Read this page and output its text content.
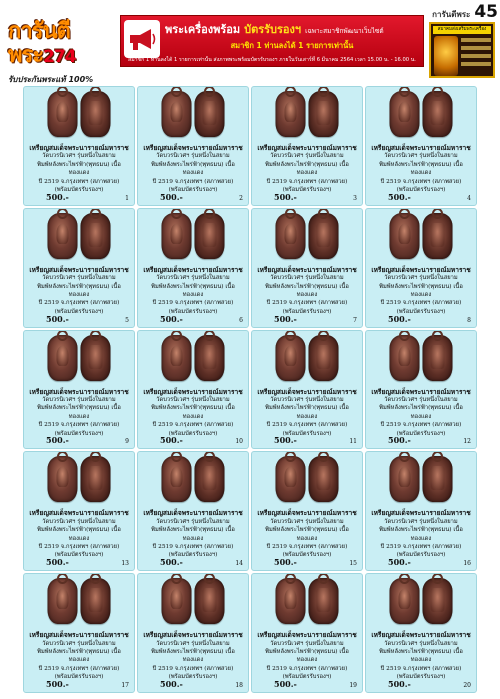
การันตีพระ274
รับประกันพระแท้ 100%
พระเครื่องพร้อม บัตรรับรองฯ เฉพาะสมาชิกพัฒนาเว็บไซต์
สมาชิก 1 ท่านลงได้ 1 รายการเท่านั้น
สมาชิก 1 ท่านลงได้ 1 รายการเท่านั้น ส่งภาพพระพร้อมบัตรรับรองฯ ภายในวันเสาร์ที่ 6 มีนาคม 2564 เวลา 15.00 น. - 16.00 น.
การันตีพระ 45
สมาคมส่งเสริมพระเครื่อง
เหรียญสมเด็จพระนารายณ์มหาราช
วัดบวรนิเวศฯ รุ่นหนึ่งในสยาม
พิมพ์หลังพระไพร่ฟ้า(พุทธมน) เนื้อทองแดง
ปี 2519 จ.กรุงเทพฯ (สภาพสวย)
(พร้อมบัตรรับรองฯ)
500.-	1
เหรียญสมเด็จพระนารายณ์มหาราช
วัดบวรนิเวศฯ รุ่นหนึ่งในสยาม
พิมพ์หลังพระไพร่ฟ้า(พุทธมน) เนื้อทองแดง
ปี 2519 จ.กรุงเทพฯ (สภาพสวย)
(พร้อมบัตรรับรองฯ)
500.-	2
เหรียญสมเด็จพระนารายณ์มหาราช
วัดบวรนิเวศฯ รุ่นหนึ่งในสยาม
พิมพ์หลังพระไพร่ฟ้า(พุทธมน) เนื้อทองแดง
ปี 2519 จ.กรุงเทพฯ (สภาพสวย)
(พร้อมบัตรรับรองฯ)
500.-	3
เหรียญสมเด็จพระนารายณ์มหาราช
วัดบวรนิเวศฯ รุ่นหนึ่งในสยาม
พิมพ์หลังพระไพร่ฟ้า(พุทธมน) เนื้อทองแดง
ปี 2519 จ.กรุงเทพฯ (สภาพสวย)
(พร้อมบัตรรับรองฯ)
500.-	4
เหรียญสมเด็จพระนารายณ์มหาราช
วัดบวรนิเวศฯ รุ่นหนึ่งในสยาม
พิมพ์หลังพระไพร่ฟ้า(พุทธมน) เนื้อทองแดง
ปี 2519 จ.กรุงเทพฯ (สภาพสวย)
(พร้อมบัตรรับรองฯ)
500.-	5
เหรียญสมเด็จพระนารายณ์มหาราช
วัดบวรนิเวศฯ รุ่นหนึ่งในสยาม
พิมพ์หลังพระไพร่ฟ้า(พุทธมน) เนื้อทองแดง
ปี 2519 จ.กรุงเทพฯ (สภาพสวย)
(พร้อมบัตรรับรองฯ)
500.-	6
เหรียญสมเด็จพระนารายณ์มหาราช
วัดบวรนิเวศฯ รุ่นหนึ่งในสยาม
พิมพ์หลังพระไพร่ฟ้า(พุทธมน) เนื้อทองแดง
ปี 2519 จ.กรุงเทพฯ (สภาพสวย)
(พร้อมบัตรรับรองฯ)
500.-	7
เหรียญสมเด็จพระนารายณ์มหาราช
วัดบวรนิเวศฯ รุ่นหนึ่งในสยาม
พิมพ์หลังพระไพร่ฟ้า(พุทธมน) เนื้อทองแดง
ปี 2519 จ.กรุงเทพฯ (สภาพสวย)
(พร้อมบัตรรับรองฯ)
500.-	8
เหรียญสมเด็จพระนารายณ์มหาราช
วัดบวรนิเวศฯ รุ่นหนึ่งในสยาม
พิมพ์หลังพระไพร่ฟ้า(พุทธมน) เนื้อทองแดง
ปี 2519 จ.กรุงเทพฯ (สภาพสวย)
(พร้อมบัตรรับรองฯ)
500.-	9
เหรียญสมเด็จพระนารายณ์มหาราช
วัดบวรนิเวศฯ รุ่นหนึ่งในสยาม
พิมพ์หลังพระไพร่ฟ้า(พุทธมน) เนื้อทองแดง
ปี 2519 จ.กรุงเทพฯ (สภาพสวย)
(พร้อมบัตรรับรองฯ)
500.-	10
เหรียญสมเด็จพระนารายณ์มหาราช
วัดบวรนิเวศฯ รุ่นหนึ่งในสยาม
พิมพ์หลังพระไพร่ฟ้า(พุทธมน) เนื้อทองแดง
ปี 2519 จ.กรุงเทพฯ (สภาพสวย)
(พร้อมบัตรรับรองฯ)
500.-	11
เหรียญสมเด็จพระนารายณ์มหาราช
วัดบวรนิเวศฯ รุ่นหนึ่งในสยาม
พิมพ์หลังพระไพร่ฟ้า(พุทธมน) เนื้อทองแดง
ปี 2519 จ.กรุงเทพฯ (สภาพสวย)
(พร้อมบัตรรับรองฯ)
500.-	12
เหรียญสมเด็จพระนารายณ์มหาราช
วัดบวรนิเวศฯ รุ่นหนึ่งในสยาม
พิมพ์หลังพระไพร่ฟ้า(พุทธมน) เนื้อทองแดง
ปี 2519 จ.กรุงเทพฯ (สภาพสวย)
(พร้อมบัตรรับรองฯ)
500.-	13
เหรียญสมเด็จพระนารายณ์มหาราช
วัดบวรนิเวศฯ รุ่นหนึ่งในสยาม
พิมพ์หลังพระไพร่ฟ้า(พุทธมน) เนื้อทองแดง
ปี 2519 จ.กรุงเทพฯ (สภาพสวย)
(พร้อมบัตรรับรองฯ)
500.-	14
เหรียญสมเด็จพระนารายณ์มหาราช
วัดบวรนิเวศฯ รุ่นหนึ่งในสยาม
พิมพ์หลังพระไพร่ฟ้า(พุทธมน) เนื้อทองแดง
ปี 2519 จ.กรุงเทพฯ (สภาพสวย)
(พร้อมบัตรรับรองฯ)
500.-	15
เหรียญสมเด็จพระนารายณ์มหาราช
วัดบวรนิเวศฯ รุ่นหนึ่งในสยาม
พิมพ์หลังพระไพร่ฟ้า(พุทธมน) เนื้อทองแดง
ปี 2519 จ.กรุงเทพฯ (สภาพสวย)
(พร้อมบัตรรับรองฯ)
500.-	16
เหรียญสมเด็จพระนารายณ์มหาราช
วัดบวรนิเวศฯ รุ่นหนึ่งในสยาม
พิมพ์หลังพระไพร่ฟ้า(พุทธมน) เนื้อทองแดง
ปี 2519 จ.กรุงเทพฯ (สภาพสวย)
(พร้อมบัตรรับรองฯ)
500.-	17
เหรียญสมเด็จพระนารายณ์มหาราช
วัดบวรนิเวศฯ รุ่นหนึ่งในสยาม
พิมพ์หลังพระไพร่ฟ้า(พุทธมน) เนื้อทองแดง
ปี 2519 จ.กรุงเทพฯ (สภาพสวย)
(พร้อมบัตรรับรองฯ)
500.-	18
เหรียญสมเด็จพระนารายณ์มหาราช
วัดบวรนิเวศฯ รุ่นหนึ่งในสยาม
พิมพ์หลังพระไพร่ฟ้า(พุทธมน) เนื้อทองแดง
ปี 2519 จ.กรุงเทพฯ (สภาพสวย)
(พร้อมบัตรรับรองฯ)
500.-	19
เหรียญสมเด็จพระนารายณ์มหาราช
วัดบวรนิเวศฯ รุ่นหนึ่งในสยาม
พิมพ์หลังพระไพร่ฟ้า(พุทธมน) เนื้อทองแดง
ปี 2519 จ.กรุงเทพฯ (สภาพสวย)
(พร้อมบัตรรับรองฯ)
500.-	20
